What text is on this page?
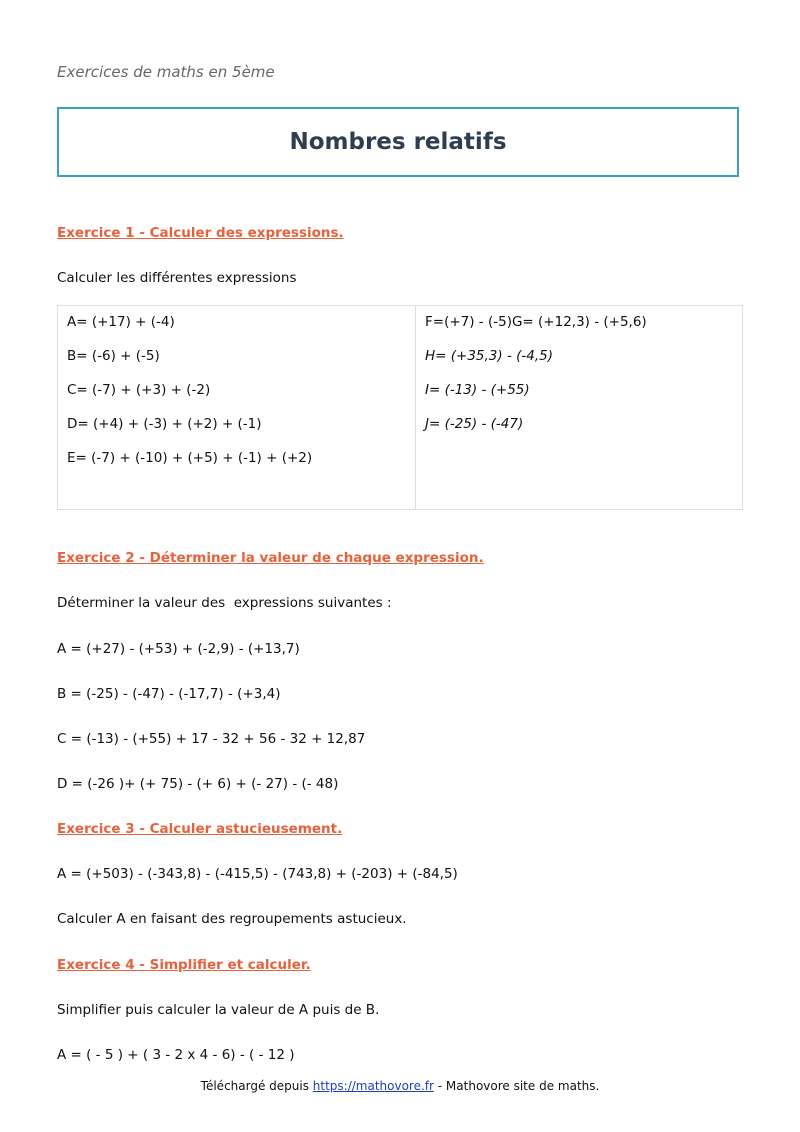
Exercices de maths en 5ème
Nombres relatifs
Exercice 1 - Calculer des expressions.
Calculer les différentes expressions
A= (+17) + (-4)
B= (-6) + (-5)
C= (-7) + (+3) + (-2)
D= (+4) + (-3) + (+2) + (-1)
E= (-7) + (-10) + (+5) + (-1) + (+2)
F=(+7) - (-5)G= (+12,3) - (+5,6)
H= (+35,3) - (-4,5)
I= (-13) - (+55)
J= (-25) - (-47)
Exercice 2 - Déterminer la valeur de chaque expression.
Déterminer la valeur des  expressions suivantes :
A = (+27) - (+53) + (-2,9) - (+13,7)
B = (-25) - (-47) - (-17,7) - (+3,4)
C = (-13) - (+55) + 17 - 32 + 56 - 32 + 12,87
D = (-26 )+ (+ 75) - (+ 6) + (- 27) - (- 48)
Exercice 3 - Calculer astucieusement.
A = (+503) - (-343,8) - (-415,5) - (743,8) + (-203) + (-84,5)
Calculer A en faisant des regroupements astucieux.
Exercice 4 - Simplifier et calculer.
Simplifier puis calculer la valeur de A puis de B.
A = ( - 5 ) + ( 3 - 2 x 4 - 6) - ( - 12 )
Téléchargé depuis https://mathovore.fr - Mathovore site de maths.
